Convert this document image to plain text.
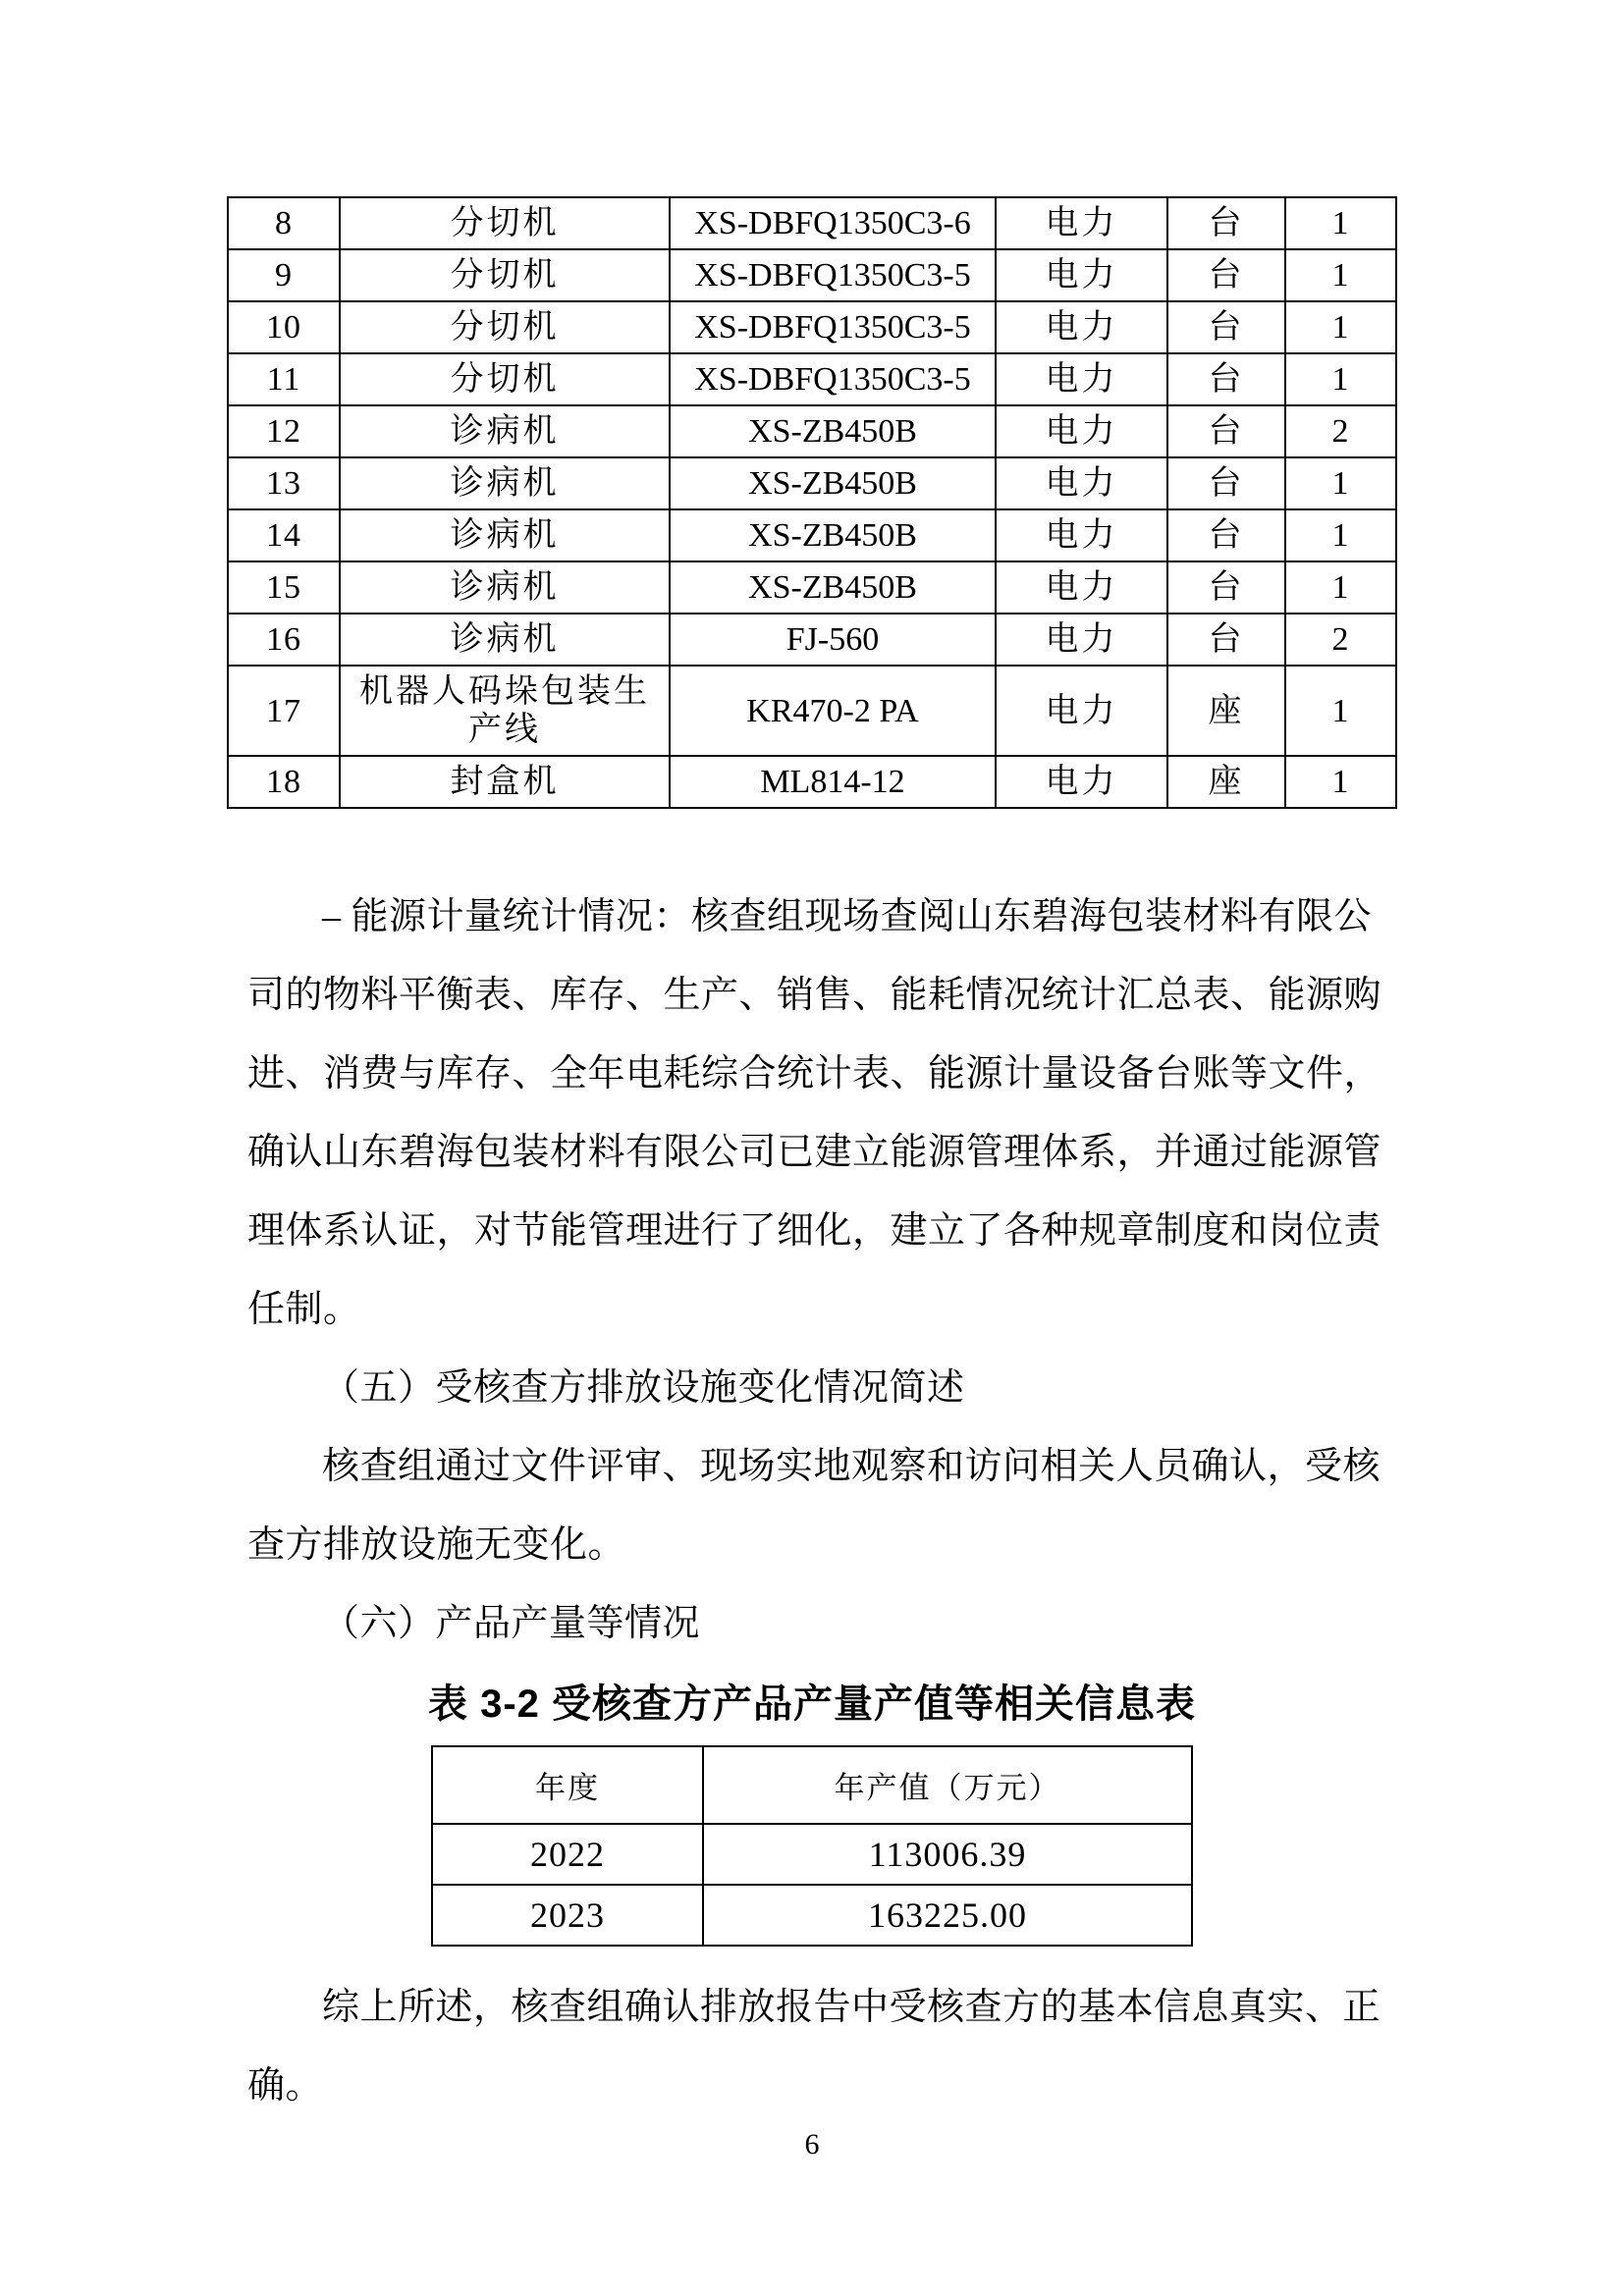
8	分切机	XS-DBFQ1350C3-6	电力	台	1
9	分切机	XS-DBFQ1350C3-5	电力	台	1
10	分切机	XS-DBFQ1350C3-5	电力	台	1
11	分切机	XS-DBFQ1350C3-5	电力	台	1
12	诊病机	XS-ZB450B	电力	台	2
13	诊病机	XS-ZB450B	电力	台	1
14	诊病机	XS-ZB450B	电力	台	1
15	诊病机	XS-ZB450B	电力	台	1
16	诊病机	FJ-560	电力	台	2
17	机器人码垛包装生产线	KR470-2 PA	电力	座	1
18	封盒机	ML814-12	电力	座	1
– 能源计量统计情况：核查组现场查阅山东碧海包装材料有限公
司的物料平衡表、库存、生产、销售、能耗情况统计汇总表、能源购
进、消费与库存、全年电耗综合统计表、能源计量设备台账等文件，
确认山东碧海包装材料有限公司已建立能源管理体系，并通过能源管
理体系认证，对节能管理进行了细化，建立了各种规章制度和岗位责
任制。
（五）受核查方排放设施变化情况简述
核查组通过文件评审、现场实地观察和访问相关人员确认，受核
查方排放设施无变化。
（六）产品产量等情况
表 3-2 受核查方产品产量产值等相关信息表
年度	年产值（万元）
2022	113006.39
2023	163225.00
综上所述，核查组确认排放报告中受核查方的基本信息真实、正
确。
6
